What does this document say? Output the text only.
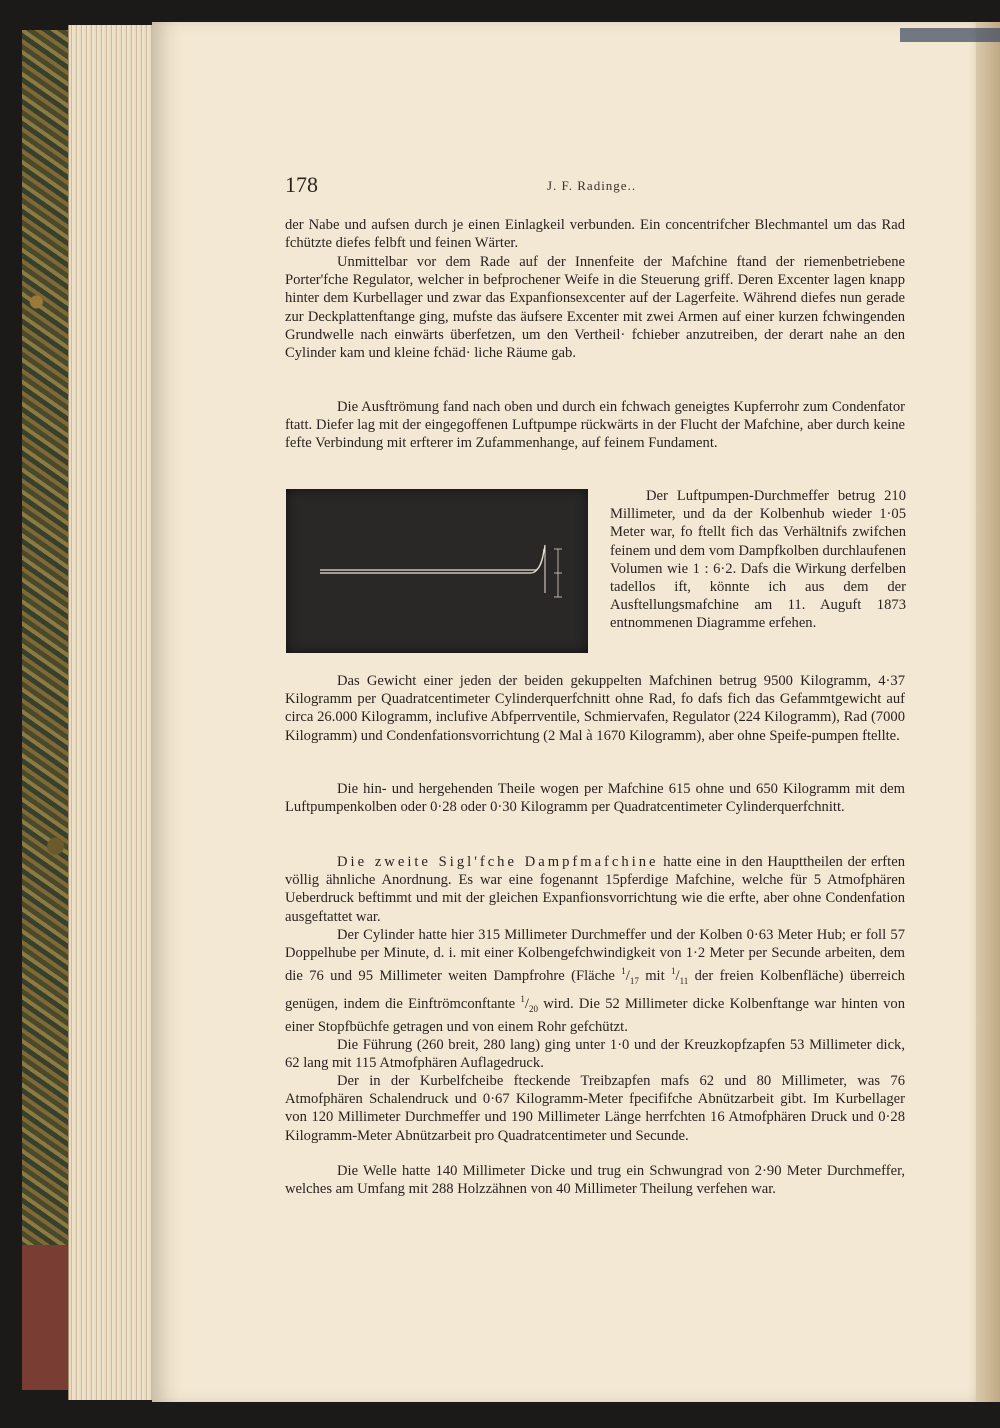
178	J. F. Radinge..

der Nabe und aufsen durch je einen Einlagkeil verbunden. Ein concentrifcher Blechmantel um das Rad fchützte diefes felbft und feinen Wärter.

Unmittelbar vor dem Rade auf der Innenfeite der Mafchine ftand der riemenbetriebene Porter'fche Regulator, welcher in befprochener Weife in die Steuerung griff. Deren Excenter lagen knapp hinter dem Kurbellager und zwar das Expanfionsexcenter auf der Lagerfeite. Während diefes nun gerade zur Deckplattenftange ging, mufste das äufsere Excenter mit zwei Armen auf einer kurzen fchwingenden Grundwelle nach einwärts überfetzen, um den Vertheil· fchieber anzutreiben, der derart nahe an den Cylinder kam und kleine fchäd· liche Räume gab.

Die Ausftrömung fand nach oben und durch ein fchwach geneigtes Kupferrohr zum Condenfator ftatt. Diefer lag mit der eingegoffenen Luftpumpe rückwärts in der Flucht der Mafchine, aber durch keine fefte Verbindung mit erfterer im Zufammenhange, auf feinem Fundament.

Der Luftpumpen-Durchmeffer betrug 210 Millimeter, und da der Kolbenhub wieder 1·05 Meter war, fo ftellt fich das Verhältnifs zwifchen feinem und dem vom Dampfkolben durchlaufenen Volumen wie 1 : 6·2. Dafs die Wirkung derfelben tadellos ift, könnte ich aus dem der Ausftellungsmafchine am 11. Auguft 1873 entnommenen Diagramme erfehen.

Das Gewicht einer jeden der beiden gekuppelten Mafchinen betrug 9500 Kilogramm, 4·37 Kilogramm per Quadratcentimeter Cylinderquerfchnitt ohne Rad, fo dafs fich das Gefammtgewicht auf circa 26.000 Kilogramm, inclufive Abfperrventile, Schmiervafen, Regulator (224 Kilogramm), Rad (7000 Kilogramm) und Condenfationsvorrichtung (2 Mal à 1670 Kilogramm), aber ohne Speife-pumpen ftellte.

Die hin- und hergehenden Theile wogen per Mafchine 615 ohne und 650 Kilogramm mit dem Luftpumpenkolben oder 0·28 oder 0·30 Kilogramm per Quadratcentimeter Cylinderquerfchnitt.

Die zweite Sigl'fche Dampfmafchine hatte eine in den Haupttheilen der erften völlig ähnliche Anordnung. Es war eine fogenannt 15pferdige Mafchine, welche für 5 Atmofphären Ueberdruck beftimmt und mit der gleichen Expanfionsvorrichtung wie die erfte, aber ohne Condenfation ausgeftattet war.

Der Cylinder hatte hier 315 Millimeter Durchmeffer und der Kolben 0·63 Meter Hub; er foll 57 Doppelhube per Minute, d. i. mit einer Kolbengefchwindigkeit von 1·2 Meter per Secunde arbeiten, dem die 76 und 95 Millimeter weiten Dampfrohre (Fläche $^1/_{17}$ mit $^1/_{11}$ der freien Kolbenfläche) überreich genügen, indem die Einftrömconftante $^1/_{20}$ wird. Die 52 Millimeter dicke Kolbenftange war hinten von einer Stopfbüchfe getragen und von einem Rohr gefchützt.

Die Führung (260 breit, 280 lang) ging unter 1·0 und der Kreuzkopfzapfen 53 Millimeter dick, 62 lang mit 115 Atmofphären Auflagedruck.

Der in der Kurbelfcheibe fteckende Treibzapfen mafs 62 und 80 Millimeter, was 76 Atmofphären Schalendruck und 0·67 Kilogramm-Meter fpecififche Abnützarbeit gibt. Im Kurbellager von 120 Millimeter Durchmeffer und 190 Millimeter Länge herrfchten 16 Atmofphären Druck und 0·28 Kilogramm-Meter Abnützarbeit pro Quadratcentimeter und Secunde.

Die Welle hatte 140 Millimeter Dicke und trug ein Schwungrad von 2·90 Meter Durchmeffer, welches am Umfang mit 288 Holzzähnen von 40 Millimeter Theilung verfehen war.
